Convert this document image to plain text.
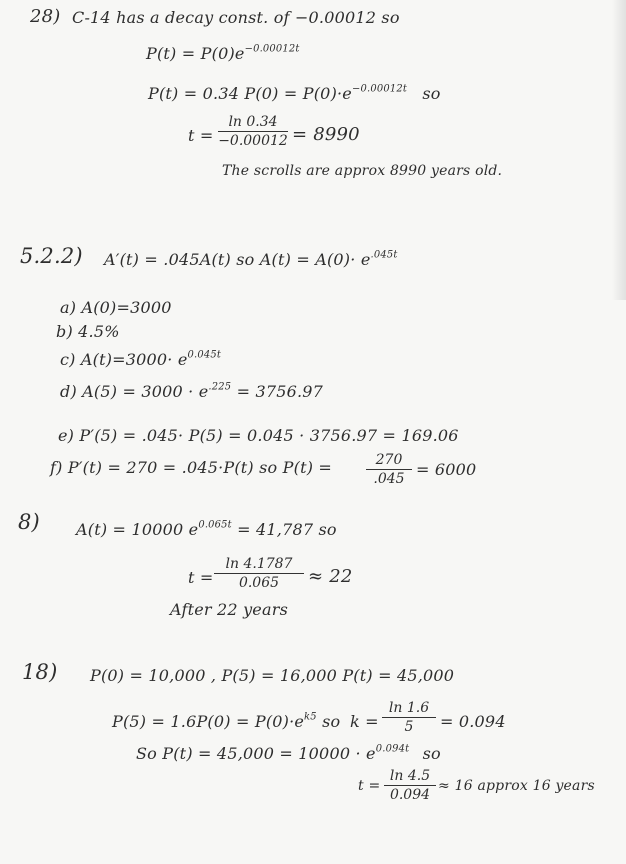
28) C-14 has a decay const. of −0.00012 so
$P(t) = P(0)e^{-0.00012t}$
P(t) = 0.34 $P(0) = P(0)\cdot e^{-0.00012t}$ so
t =
ln 0.34
−0.00012 = 8990
The scrolls are approx 8990 years old.
5.2.2) A′(t) = .045A(t) so $A(t) = A(0)\cdot e^{.045t}$
a) A(0)=3000
b) 4.5%
c) $A(t)=3000\cdot e^{0.045t}$
d) $A(5) = 3000 \cdot e^{.225} = 3756.97$
e) P′(5) = .045· P(5) = 0.045 · 3756.97 = 169.06
f) P′(t) = 270 = .045·P(t) so P(t) =	270
.045 = 6000
8) A(t) = 10000 $e^{0.065t} = 41,787$ so
t =
ln 4.1787
0.065	≈ 22
After 22 years
18) P(0) = 10,000 , P(5) = 16,000 P(t) = 45,000
$P(5) = 1.6P(0) = P(0)\cdot e^{k5}$ so k =
ln 1.6
5	= 0.094
So $P(t) = 45,000 = 10000 \cdot e^{0.094t}$ so
t =
ln 4.5
0.094
≈ 16 approx 16 years
